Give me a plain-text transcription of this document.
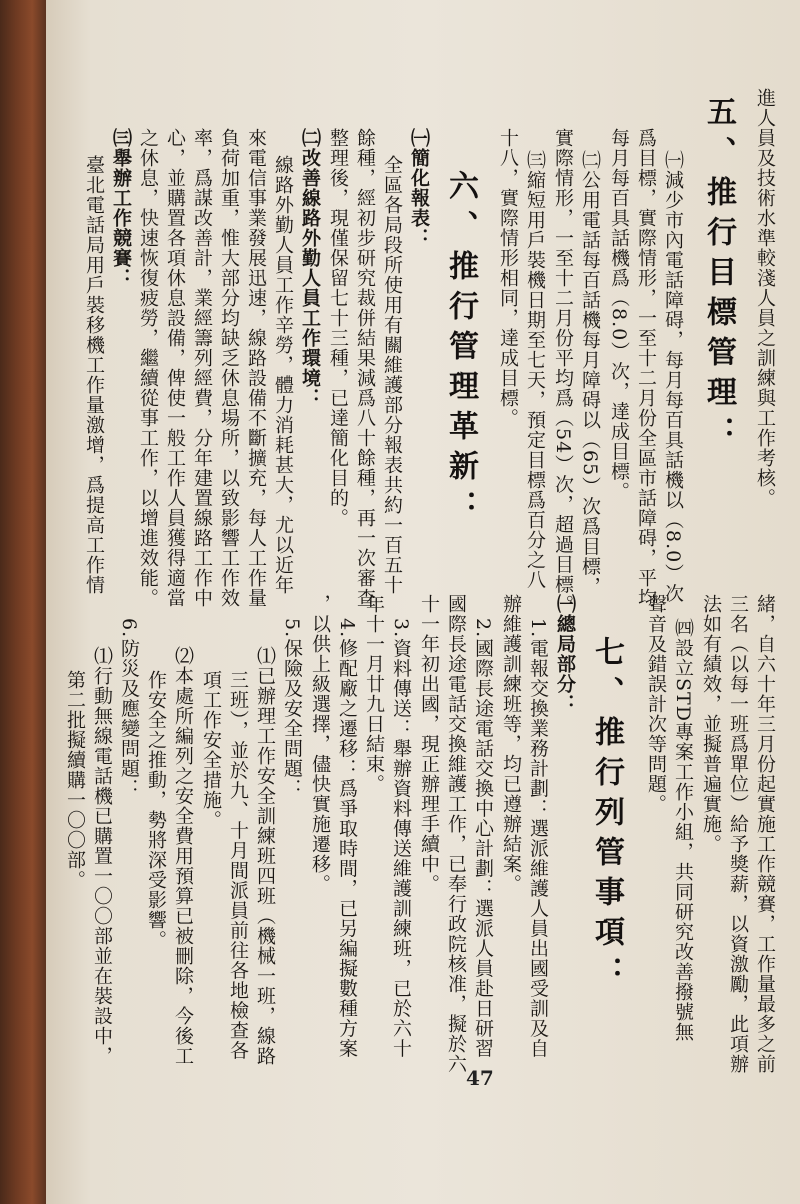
進人員及技術水準較淺人員之訓練與工作考核。
五、推行目標管理：
㈠減少市內電話障碍，每月每百具話機以（8.0）次
爲目標，實際情形，一至十二月份全區市話障碍，平均
每月每百具話機爲（8.0）次，達成目標。
㈡公用電話每百話機每月障碍以（65）次爲目標，
實際情形，一至十二月份平均爲（54）次，超過目標。
㈢縮短用戶裝機日期至七天，預定目標爲百分之八
十八，實際情形相同，達成目標。
六、推行管理革新：
㈠簡化報表：
全區各局段所使用有關維護部分報表共約一百五十
餘種，經初步研究裁併結果減爲八十餘種，再一次審查
整理後，現僅保留七十三種，已達簡化目的。
㈡改善線路外勤人員工作環境：
線路外勤人員工作辛勞，體力消耗甚大，尤以近年
來電信事業發展迅速，線路設備不斷擴充，每人工作量
負荷加重，惟大部分均缺乏休息場所，以致影響工作效
率，爲謀改善計，業經籌列經費，分年建置線路工作中
心，並購置各項休息設備，俾使一般工作人員獲得適當
之休息，快速恢復疲勞，繼續從事工作，以增進效能。
㈢舉辦工作競賽：
臺北電話局用戶裝移機工作量激增，爲提高工作情
緒，自六十年三月份起實施工作競賽，工作量最多之前
三名（以每一班爲單位）給予獎薪，以資激勵，此項辦
法如有績效，並擬普遍實施。
㈣設立STD專案工作小組，共同研究改善撥號無
聲音及錯誤計次等問題。
七、推行列管事項：
㈠總局部分：
1.電報交換業務計劃：選派維護人員出國受訓及自
辦維護訓練班等，均已遵辦結案。
2.國際長途電話交換中心計劃：選派人員赴日研習
國際長途電話交換維護工作，已奉行政院核准，擬於六
十一年初出國，現正辦理手續中。
3.資料傳送：舉辦資料傳送維護訓練班，已於六十
年十一月廿九日結束。
4.修配廠之遷移：爲爭取時間，已另編擬數種方案
，以供上級選擇，儘快實施遷移。
5.保險及安全問題：
⑴已辦理工作安全訓練班四班（機械一班，線路
三班），並於九、十月間派員前往各地檢查各
項工作安全措施。
⑵本處所編列之安全費用預算已被刪除，今後工
作安全之推動，勢將深受影響。
6.防災及應變問題：
⑴行動無線電話機已購置一〇〇部並在裝設中，
第二批擬續購一〇〇部。
47
